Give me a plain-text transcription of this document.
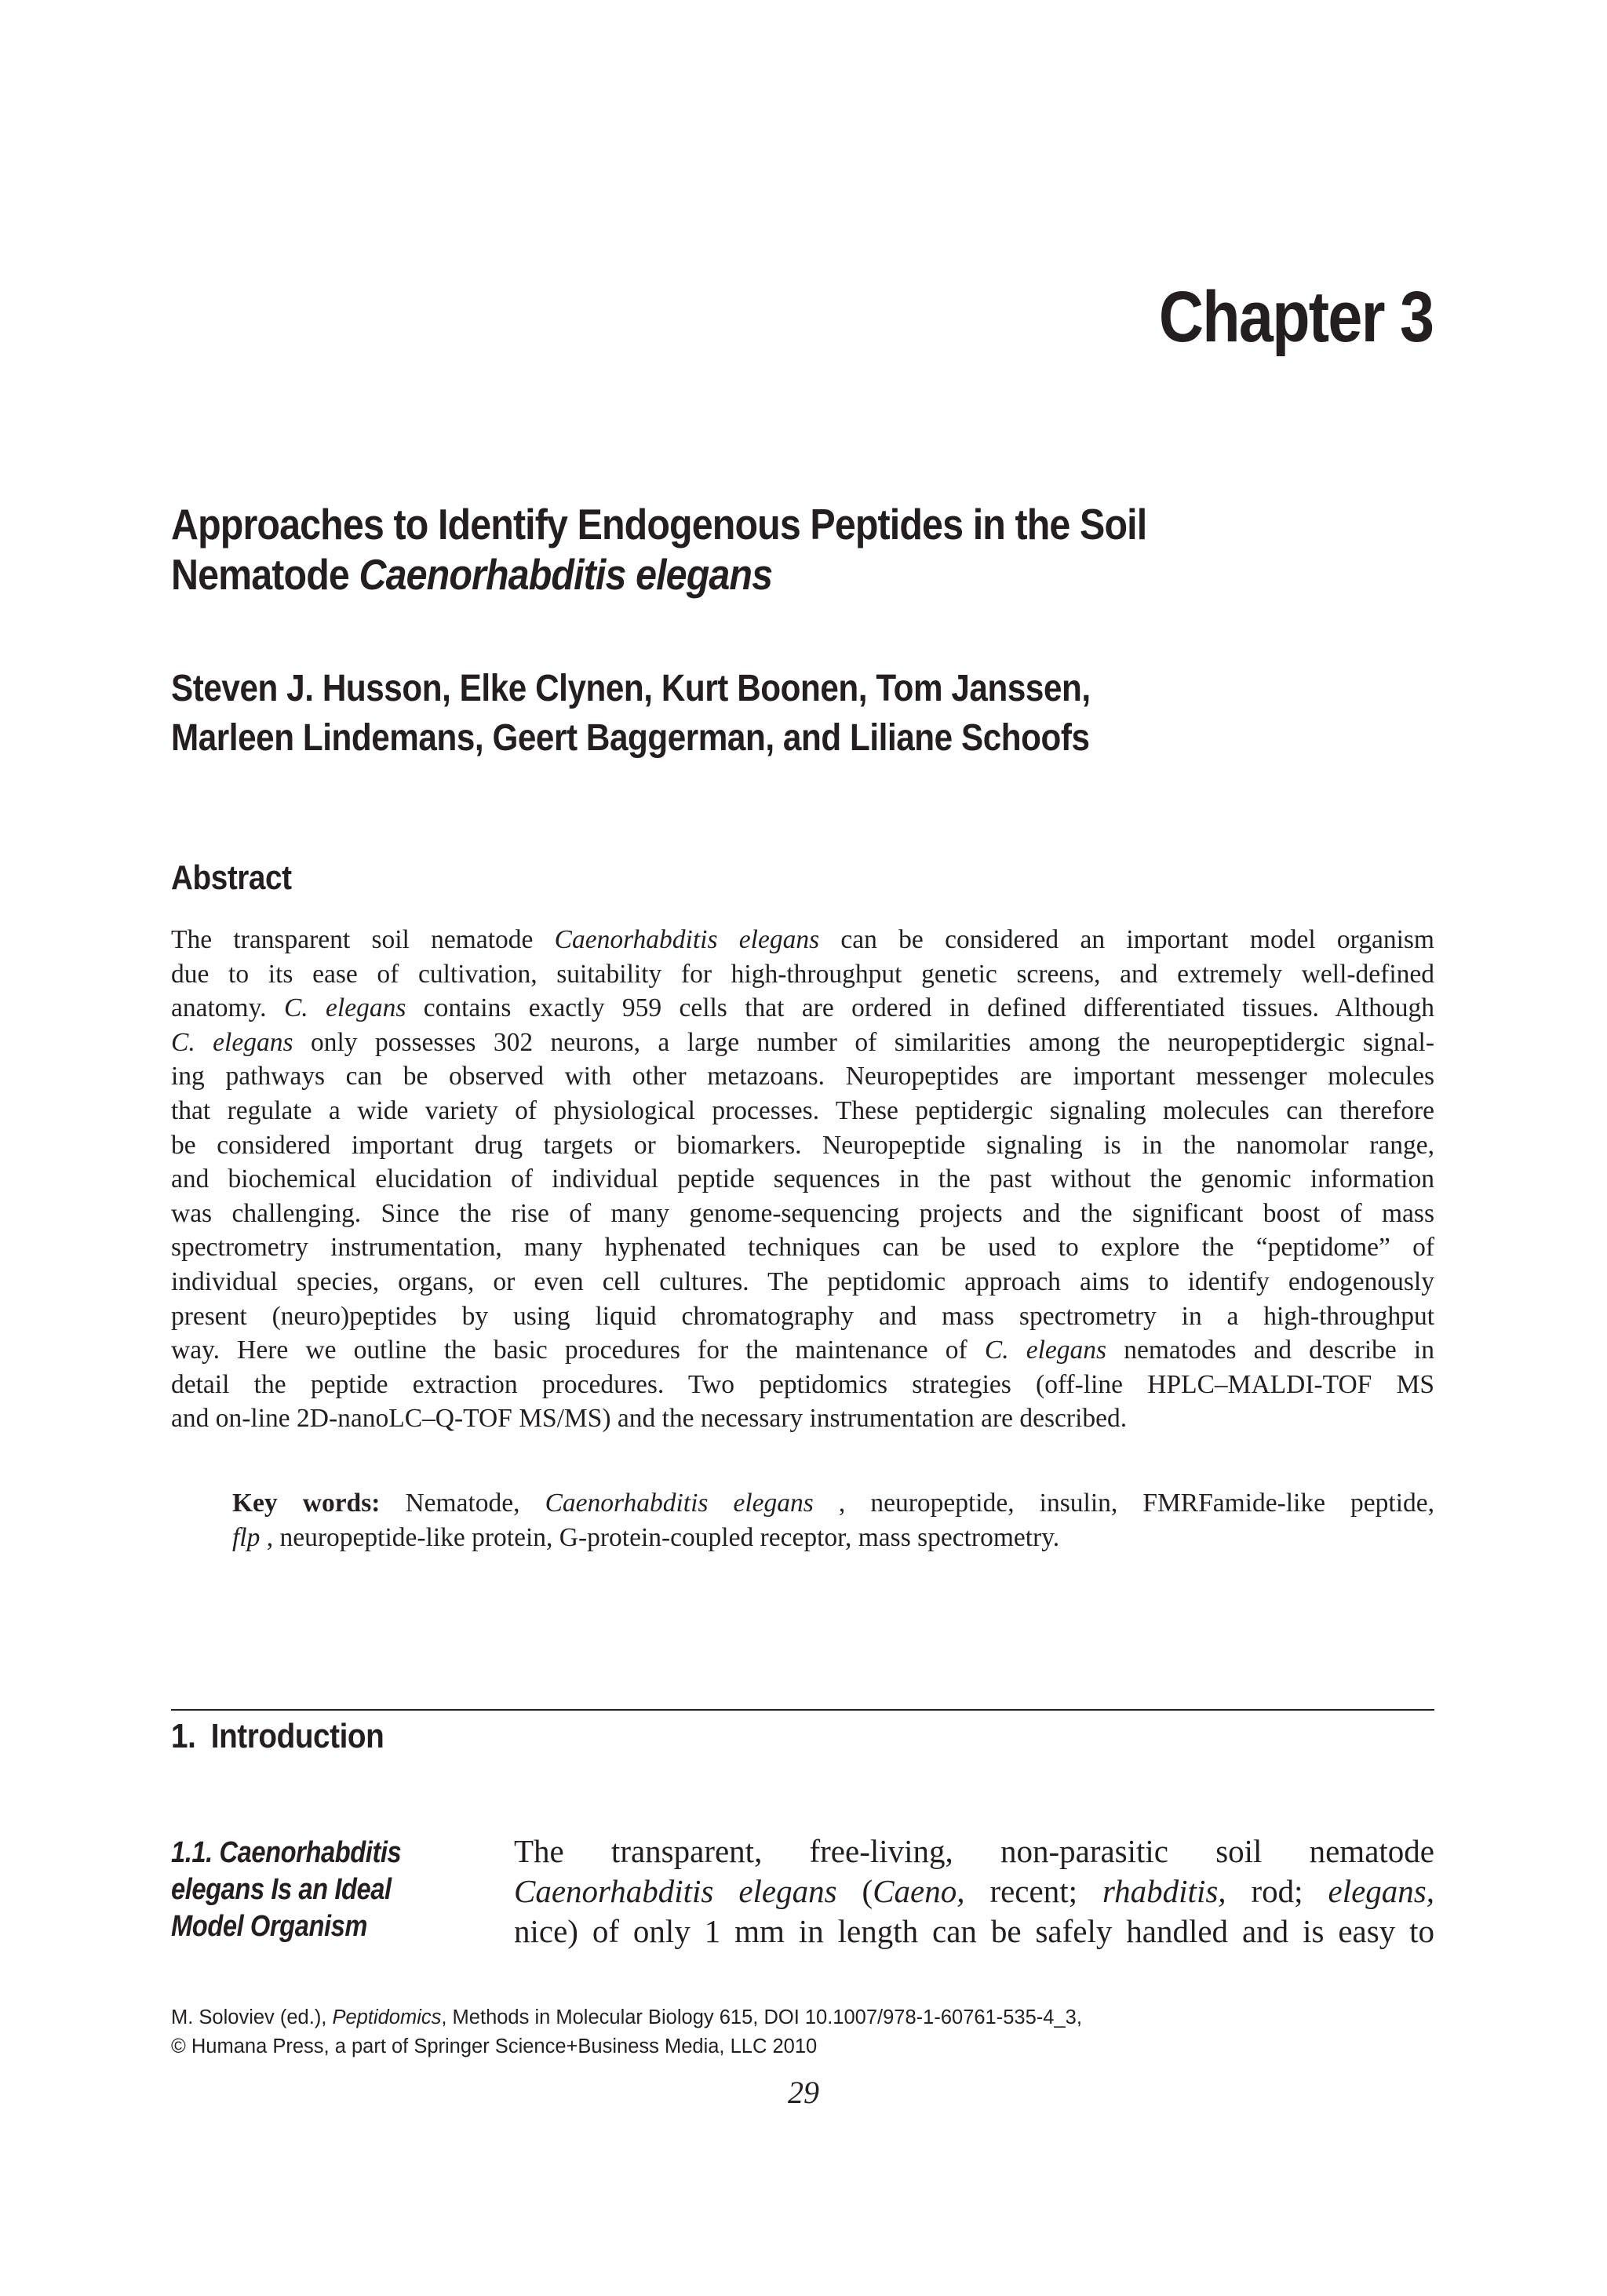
Chapter 3
Approaches to Identify Endogenous Peptides in the Soil
Nematode Caenorhabditis elegans
Steven J. Husson, Elke Clynen, Kurt Boonen, Tom Janssen,
Marleen Lindemans, Geert Baggerman, and Liliane Schoofs
Abstract
The transparent soil nematode Caenorhabditis elegans can be considered an important model organism
due to its ease of cultivation, suitability for high-throughput genetic screens, and extremely well-defined
anatomy. C. elegans contains exactly 959 cells that are ordered in defined differentiated tissues. Although
C. elegans only possesses 302 neurons, a large number of similarities among the neuropeptidergic signal-
ing pathways can be observed with other metazoans. Neuropeptides are important messenger molecules
that regulate a wide variety of physiological processes. These peptidergic signaling molecules can therefore
be considered important drug targets or biomarkers. Neuropeptide signaling is in the nanomolar range,
and biochemical elucidation of individual peptide sequences in the past without the genomic information
was challenging. Since the rise of many genome-sequencing projects and the significant boost of mass
spectrometry instrumentation, many hyphenated techniques can be used to explore the “peptidome” of
individual species, organs, or even cell cultures. The peptidomic approach aims to identify endogenously
present (neuro)peptides by using liquid chromatography and mass spectrometry in a high-throughput
way. Here we outline the basic procedures for the maintenance of C. elegans nematodes and describe in
detail the peptide extraction procedures. Two peptidomics strategies (off-line HPLC–MALDI-TOF MS
and on-line 2D-nanoLC–Q-TOF MS/MS) and the necessary instrumentation are described.
Key words: Nematode, Caenorhabditis elegans , neuropeptide, insulin, FMRFamide-like peptide,
flp , neuropeptide-like protein, G-protein-coupled receptor, mass spectrometry.
1. Introduction
1.1. Caenorhabditis
elegans Is an Ideal
Model Organism
The transparent, free-living, non-parasitic soil nematode
Caenorhabditis elegans (Caeno, recent; rhabditis, rod; elegans,
nice) of only 1 mm in length can be safely handled and is easy to
M. Soloviev (ed.), Peptidomics, Methods in Molecular Biology 615, DOI 10.1007/978-1-60761-535-4_3,
© Humana Press, a part of Springer Science+Business Media, LLC 2010
29
